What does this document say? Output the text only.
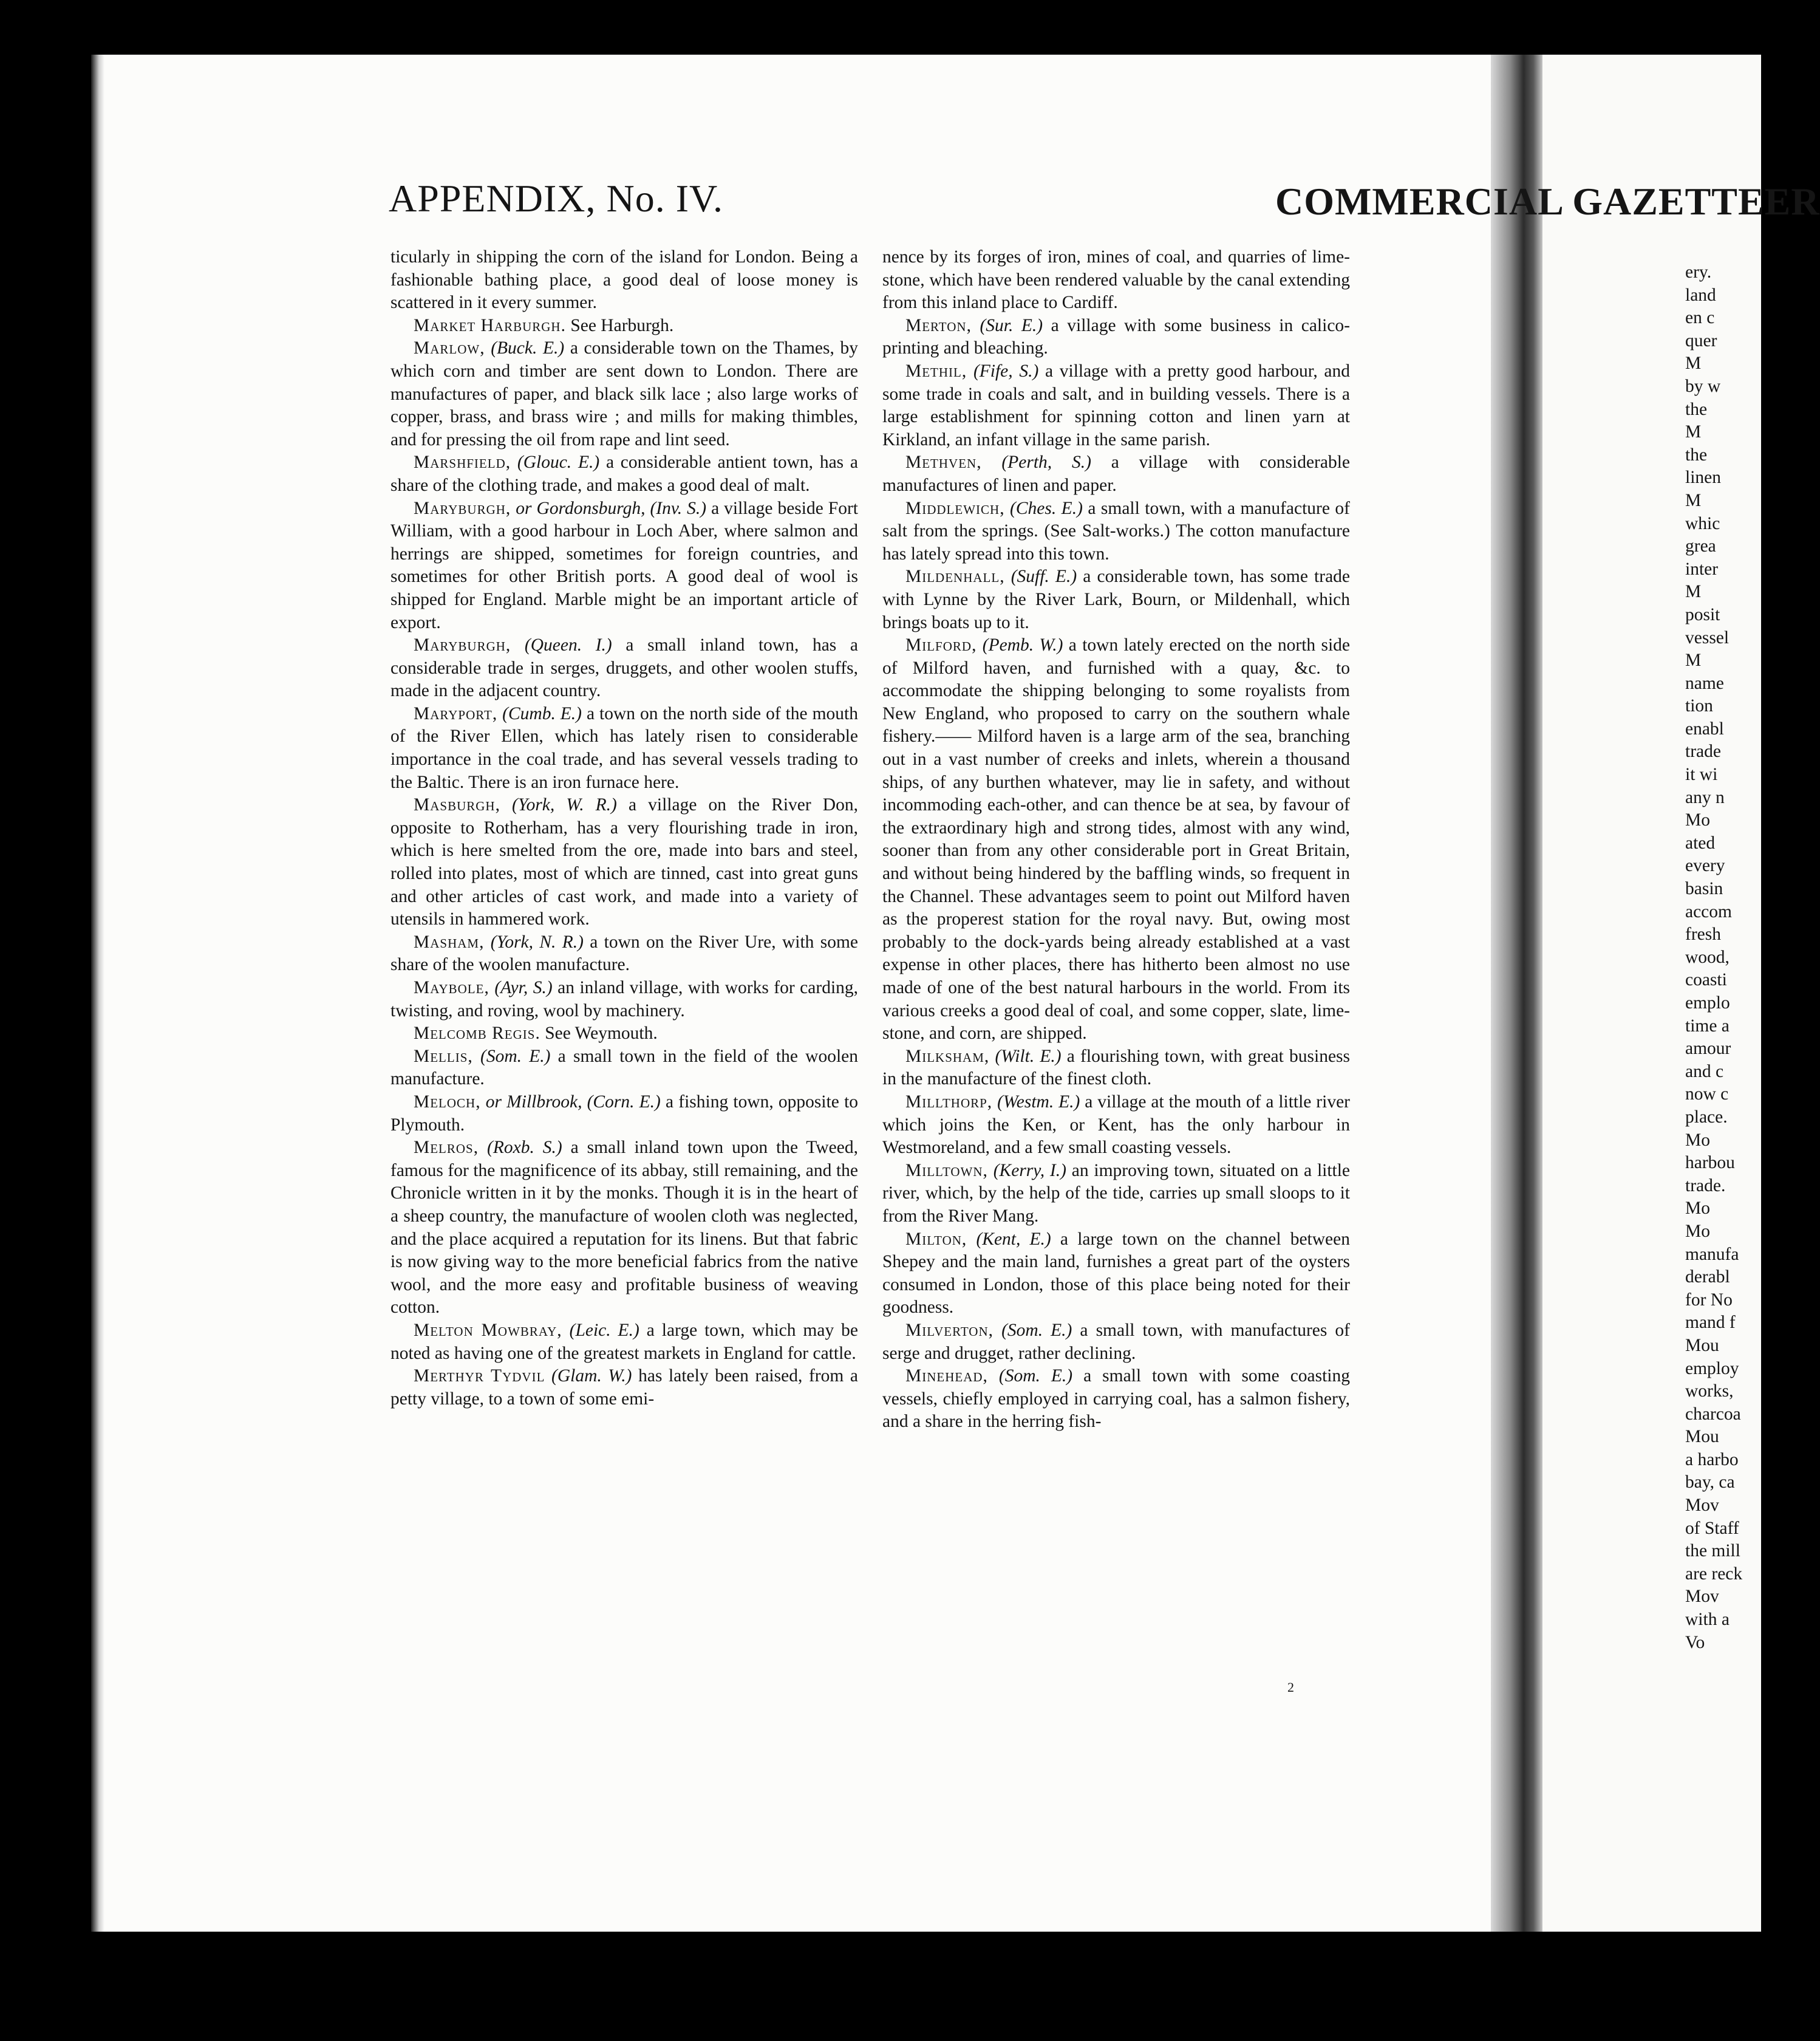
APPENDIX, No. IV.	COMMERCIAL GAZETTEER

ticularly in shipping the corn of the island for London. Being a fashionable bathing place, a good deal of loose money is scattered in it every summer.

Market Harburgh. See Harburgh.

Marlow, (Buck. E.) a considerable town on the Thames, by which corn and timber are sent down to London. There are manufactures of paper, and black silk lace ; also large works of copper, brass, and brass wire ; and mills for making thimbles, and for pressing the oil from rape and lint seed.

Marshfield, (Glouc. E.) a considerable antient town, has a share of the clothing trade, and makes a good deal of malt.

Maryburgh, or Gordonsburgh, (Inv. S.) a village beside Fort William, with a good harbour in Loch Aber, where salmon and herrings are shipped, sometimes for foreign countries, and sometimes for other British ports. A good deal of wool is shipped for England. Marble might be an important article of export.

Maryburgh, (Queen. I.) a small inland town, has a considerable trade in serges, druggets, and other woolen stuffs, made in the adjacent country.

Maryport, (Cumb. E.) a town on the north side of the mouth of the River Ellen, which has lately risen to considerable importance in the coal trade, and has several vessels trading to the Baltic. There is an iron furnace here.

Masburgh, (York, W. R.) a village on the River Don, opposite to Rotherham, has a very flourishing trade in iron, which is here smelted from the ore, made into bars and steel, rolled into plates, most of which are tinned, cast into great guns and other articles of cast work, and made into a variety of utensils in hammered work.

Masham, (York, N. R.) a town on the River Ure, with some share of the woolen manufacture.

Maybole, (Ayr, S.) an inland village, with works for carding, twisting, and roving, wool by machinery.

Melcomb Regis. See Weymouth.

Mellis, (Som. E.) a small town in the field of the woolen manufacture.

Meloch, or Millbrook, (Corn. E.) a fishing town, opposite to Plymouth.

Melros, (Roxb. S.) a small inland town upon the Tweed, famous for the magnificence of its abbay, still remaining, and the Chronicle written in it by the monks. Though it is in the heart of a sheep country, the manufacture of woolen cloth was neglected, and the place acquired a reputation for its linens. But that fabric is now giving way to the more beneficial fabrics from the native wool, and the more easy and profitable business of weaving cotton.

Melton Mowbray, (Leic. E.) a large town, which may be noted as having one of the greatest markets in England for cattle.

Merthyr Tydvil (Glam. W.) has lately been raised, from a petty village, to a town of some emi-

nence by its forges of iron, mines of coal, and quarries of lime-stone, which have been rendered valuable by the canal extending from this inland place to Cardiff.

Merton, (Sur. E.) a village with some business in calico-printing and bleaching.

Methil, (Fife, S.) a village with a pretty good harbour, and some trade in coals and salt, and in building vessels. There is a large establishment for spinning cotton and linen yarn at Kirkland, an infant village in the same parish.

Methven, (Perth, S.) a village with considerable manufactures of linen and paper.

Middlewich, (Ches. E.) a small town, with a manufacture of salt from the springs. (See Salt-works.) The cotton manufacture has lately spread into this town.

Mildenhall, (Suff. E.) a considerable town, has some trade with Lynne by the River Lark, Bourn, or Mildenhall, which brings boats up to it.

Milford, (Pemb. W.) a town lately erected on the north side of Milford haven, and furnished with a quay, &c. to accommodate the shipping belonging to some royalists from New England, who proposed to carry on the southern whale fishery.—— Milford haven is a large arm of the sea, branching out in a vast number of creeks and inlets, wherein a thousand ships, of any burthen whatever, may lie in safety, and without incommoding each-other, and can thence be at sea, by favour of the extraordinary high and strong tides, almost with any wind, sooner than from any other considerable port in Great Britain, and without being hindered by the baffling winds, so frequent in the Channel. These advantages seem to point out Milford haven as the properest station for the royal navy. But, owing most probably to the dock-yards being already established at a vast expense in other places, there has hitherto been almost no use made of one of the best natural harbours in the world. From its various creeks a good deal of coal, and some copper, slate, lime-stone, and corn, are shipped.

Milksham, (Wilt. E.) a flourishing town, with great business in the manufacture of the finest cloth.

Millthorp, (Westm. E.) a village at the mouth of a little river which joins the Ken, or Kent, has the only harbour in Westmoreland, and a few small coasting vessels.

Milltown, (Kerry, I.) an improving town, situated on a little river, which, by the help of the tide, carries up small sloops to it from the River Mang.

Milton, (Kent, E.) a large town on the channel between Shepey and the main land, furnishes a great part of the oysters consumed in London, those of this place being noted for their goodness.

Milverton, (Som. E.) a small town, with manufactures of serge and drugget, rather declining.

Minehead, (Som. E.) a small town with some coasting vessels, chiefly employed in carrying coal, has a salmon fishery, and a share in the herring fish-

ery.
land
en c
quer
M
by w
the
M
the
linen
M
whic
grea
inter
M
posit
vessel
M
name
tion
enabl
trade
it wi
any n
Mo
ated
every
basin
accom
fresh
wood,
coasti
emplo
time a
amour
and c
now c
place.
Mo
harbou
trade.
Mo
Mo
manufa
derabl
for No
mand f
Mou
employ
works,
charcoa
Mou
a harbo
bay, ca
Mov
of Staff
the mill
are reck
Mov
with a
Vo
2
